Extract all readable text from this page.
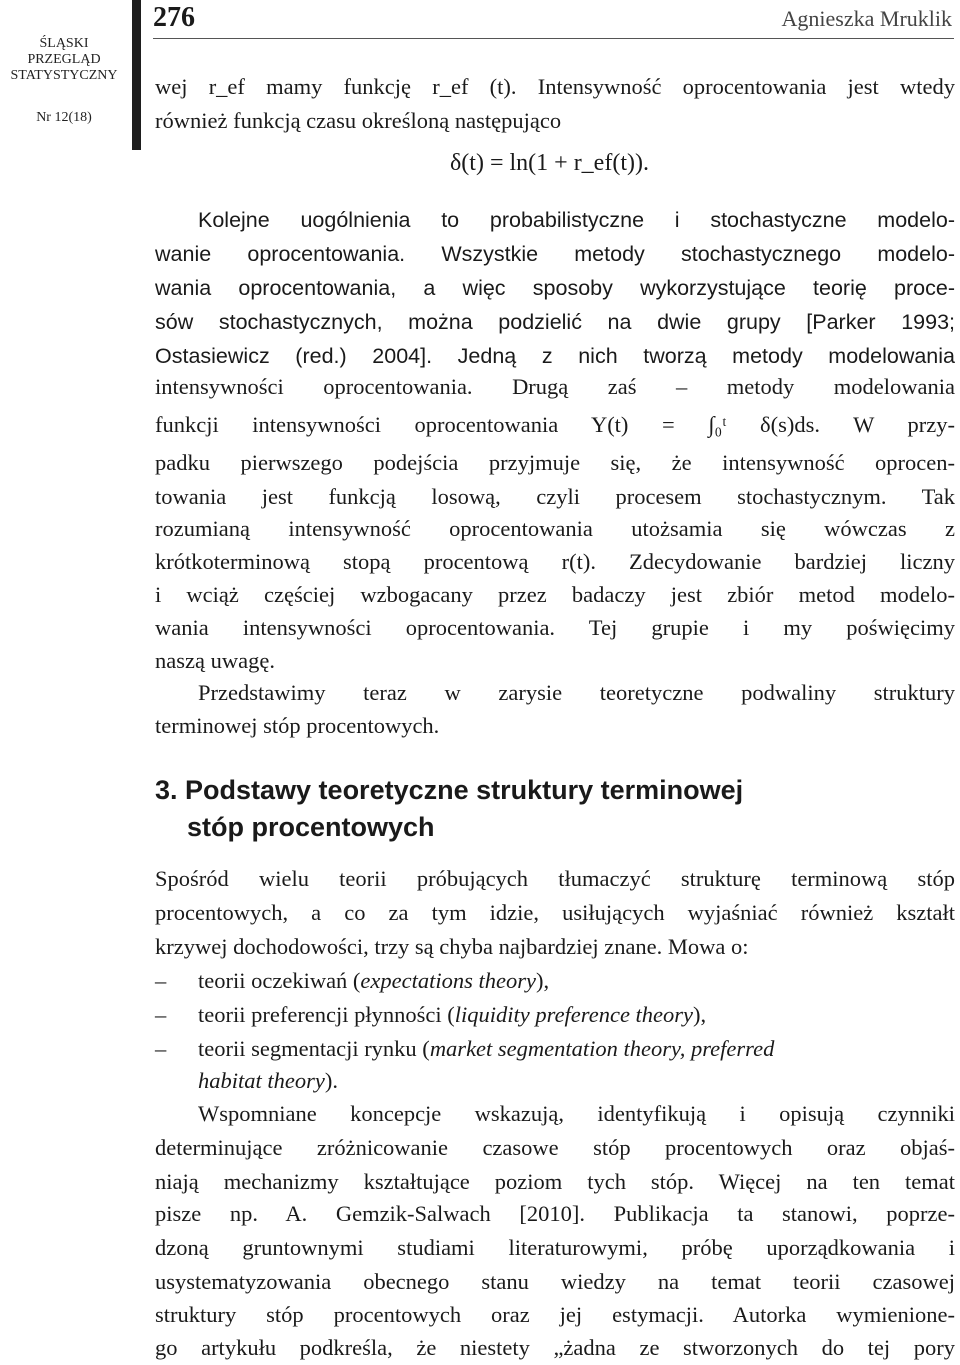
ŚLĄSKI
PRZEGLĄD
STATYSTYCZNY
Nr 12(18)
276	Agnieszka Mruklik
wej r_ef mamy funkcję r_ef (t). Intensywność oprocentowania jest wtedy
również funkcją czasu określoną następująco
δ(t) = ln(1 + r_ef(t)).
Kolejne uogólnienia to probabilistyczne i stochastyczne modelo-
wanie oprocentowania. Wszystkie metody stochastycznego modelo-
wania oprocentowania, a więc sposoby wykorzystujące teorię proce-
sów stochastycznych, można podzielić na dwie grupy [Parker 1993;
Ostasiewicz (red.) 2004]. Jedną z nich tworzą metody modelowania
intensywności oprocentowania. Drugą zaś – metody modelowania
funkcji intensywności oprocentowania Y(t) = ∫₀ᵗ δ(s)ds. W przy-
padku pierwszego podejścia przyjmuje się, że intensywność oprocen-
towania jest funkcją losową, czyli procesem stochastycznym. Tak
rozumianą intensywność oprocentowania utożsamia się wówczas z
krótkoterminową stopą procentową r(t). Zdecydowanie bardziej liczny
i wciąż częściej wzbogacany przez badaczy jest zbiór metod modelo-
wania intensywności oprocentowania. Tej grupie i my poświęcimy
naszą uwagę.
Przedstawimy teraz w zarysie teoretyczne podwaliny struktury
terminowej stóp procentowych.
3. Podstawy teoretyczne struktury terminowej
stóp procentowych
Spośród wielu teorii próbujących tłumaczyć strukturę terminową stóp
procentowych, a co za tym idzie, usiłujących wyjaśniać również kształt
krzywej dochodowości, trzy są chyba najbardziej znane. Mowa o:
– teorii oczekiwań (expectations theory),
– teorii preferencji płynności (liquidity preference theory),
– teorii segmentacji rynku (market segmentation theory, preferred
habitat theory).
Wspomniane koncepcje wskazują, identyfikują i opisują czynniki
determinujące zróżnicowanie czasowe stóp procentowych oraz objaś-
niają mechanizmy kształtujące poziom tych stóp. Więcej na ten temat
pisze np. A. Gemzik-Salwach [2010]. Publikacja ta stanowi, poprze-
dzoną gruntownymi studiami literaturowymi, próbę uporządkowania i
usystematyzowania obecnego stanu wiedzy na temat teorii czasowej
struktury stóp procentowych oraz jej estymacji. Autorka wymienione-
go artykułu podkreśla, że niestety „żadna ze stworzonych do tej pory
